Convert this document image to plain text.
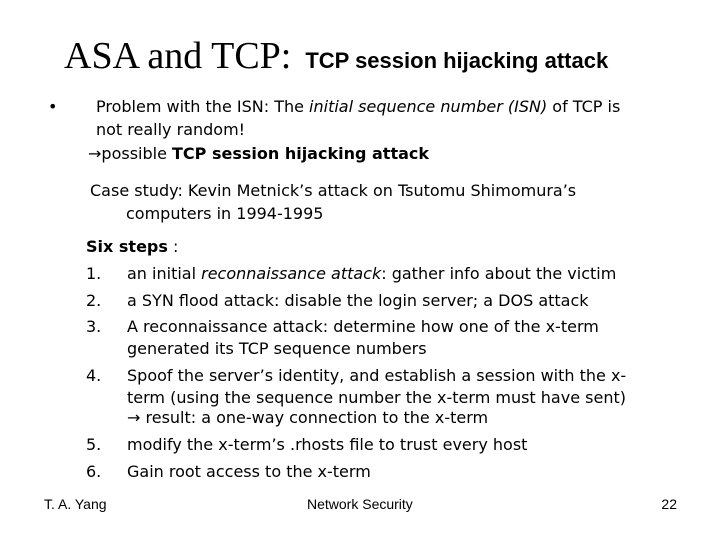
ASA and TCP: TCP session hijacking attack
• Problem with the ISN: The initial sequence number (ISN) of TCP is
not really random!
→possible TCP session hijacking attack
Case study: Kevin Metnick’s attack on Tsutomu Shimomura’s
computers in 1994-1995
Six steps :
1. an initial reconnaissance attack: gather info about the victim
2. a SYN flood attack: disable the login server; a DOS attack
3. A reconnaissance attack: determine how one of the x-term
generated its TCP sequence numbers
4. Spoof the server’s identity, and establish a session with the x-
term (using the sequence number the x-term must have sent)
→ result: a one-way connection to the x-term
5. modify the x-term’s .rhosts file to trust every host
6. Gain root access to the x-term
T. A. Yang	Network Security	22
